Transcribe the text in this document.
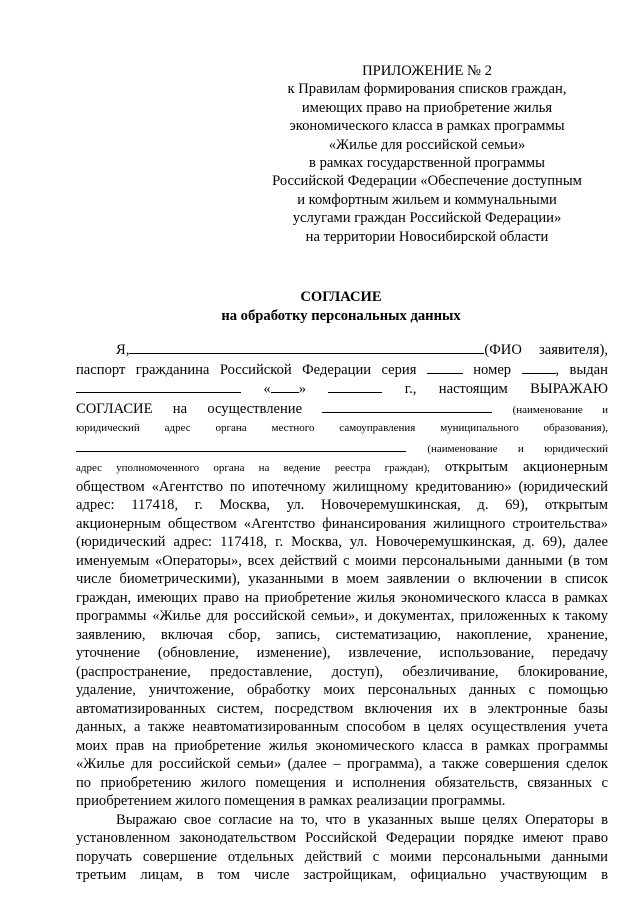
ПРИЛОЖЕНИЕ № 2
к Правилам формирования списков граждан,
имеющих право на приобретение жилья
экономического класса в рамках программы
«Жилье для российской семьи»
в рамках государственной программы
Российской Федерации «Обеспечение доступным
и комфортным жильем и коммунальными
услугами граждан Российской Федерации»
на территории Новосибирской области
СОГЛАСИЕ
на обработку персональных данных
Я,	(ФИО заявителя),
паспорт гражданина Российской Федерации серия	номер	, выдан
« »	г., настоящим ВЫРАЖАЮ
СОГЛАСИЕ на осуществление	(наименование и
юридический адрес органа местного самоуправления муниципального образования),
(наименование и юридический
адрес уполномоченного органа на ведение реестра граждан), открытым акционерным
обществом «Агентство по ипотечному жилищному кредитованию» (юридический
адрес: 117418, г. Москва, ул. Новочеремушкинская, д. 69), открытым
акционерным обществом «Агентство финансирования жилищного строительства»
(юридический адрес: 117418, г. Москва, ул. Новочеремушкинская, д. 69), далее
именуемым «Операторы», всех действий с моими персональными данными (в том
числе биометрическими), указанными в моем заявлении о включении в список
граждан, имеющих право на приобретение жилья экономического класса в рамках
программы «Жилье для российской семьи», и документах, приложенных к такому
заявлению, включая сбор, запись, систематизацию, накопление, хранение,
уточнение (обновление, изменение), извлечение, использование, передачу
(распространение, предоставление, доступ), обезличивание, блокирование,
удаление, уничтожение, обработку моих персональных данных с помощью
автоматизированных систем, посредством включения их в электронные базы
данных, а также неавтоматизированным способом в целях осуществления учета
моих прав на приобретение жилья экономического класса в рамках программы
«Жилье для российской семьи» (далее – программа), а также совершения сделок
по приобретению жилого помещения и исполнения обязательств, связанных с
приобретением жилого помещения в рамках реализации программы.
Выражаю свое согласие на то, что в указанных выше целях Операторы в
установленном законодательством Российской Федерации порядке имеют право
поручать совершение отдельных действий с моими персональными данными
третьим лицам, в том числе застройщикам, официально участвующим в
